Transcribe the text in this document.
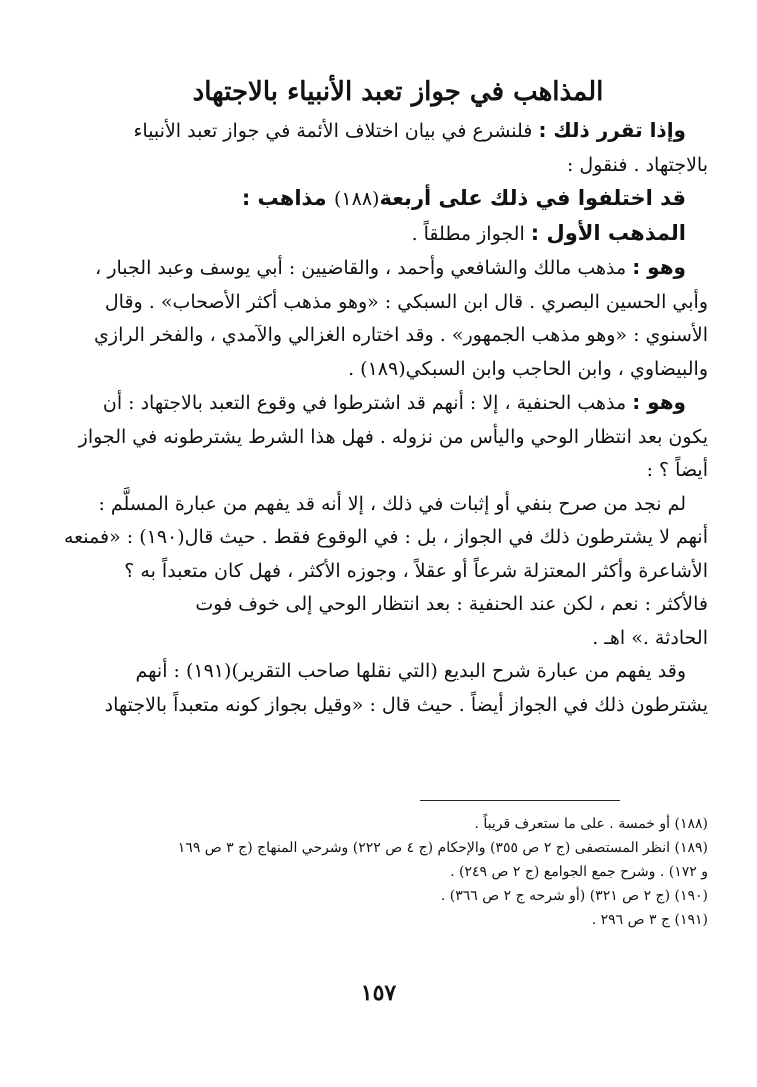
المذاهب في جواز تعبد الأنبياء بالاجتهاد
وإذا تقرر ذلك : فلنشرع في بيان اختلاف الأئمة في جواز تعبد الأنبياء
بالاجتهاد . فنقول :
قد اختلفوا في ذلك على أربعة(١٨٨) مذاهب :
المذهب الأول : الجواز مطلقاً .
وهو : مذهب مالك والشافعي وأحمد ، والقاضيين : أبي يوسف وعبد الجبار ،
وأبي الحسين البصري . قال ابن السبكي : «وهو مذهب أكثر الأصحاب» . وقال
الأسنوي : «وهو مذهب الجمهور» . وقد اختاره الغزالي والآمدي ، والفخر الرازي
والبيضاوي ، وابن الحاجب وابن السبكي(١٨٩) .
وهو : مذهب الحنفية ، إلا : أنهم قد اشترطوا في وقوع التعبد بالاجتهاد : أن
يكون بعد انتظار الوحي واليأس من نزوله . فهل هذا الشرط يشترطونه في الجواز
أيضاً ؟ :
لم نجد من صرح بنفي أو إثبات في ذلك ، إلا أنه قد يفهم من عبارة المسلَّم :
أنهم لا يشترطون ذلك في الجواز ، بل : في الوقوع فقط . حيث قال(١٩٠) : «فمنعه
الأشاعرة وأكثر المعتزلة شرعاً أو عقلاً ، وجوزه الأكثر ، فهل كان متعبداً به ؟
فالأكثر : نعم ، لكن عند الحنفية : بعد انتظار الوحي إلى خوف فوت
الحادثة .» اهـ .
وقد يفهم من عبارة شرح البديع (التي نقلها صاحب التقرير)(١٩١) : أنهم
يشترطون ذلك في الجواز أيضاً . حيث قال : «وقيل بجواز كونه متعبداً بالاجتهاد
(١٨٨) أو خمسة . على ما ستعرف قريباً .
(١٨٩) انظر المستصفى (ج ٢ ص ٣٥٥) والإحكام (ج ٤ ص ٢٢٢) وشرحي المنهاج (ج ٣ ص ١٦٩
و ١٧٢) . وشرح جمع الجوامع (ج ٢ ص ٢٤٩) .
(١٩٠) (ج ٢ ص ٣٢١) (أو شرحه ج ٢ ص ٣٦٦) .
(١٩١) ج ٣ ص ٢٩٦ .
١٥٧
